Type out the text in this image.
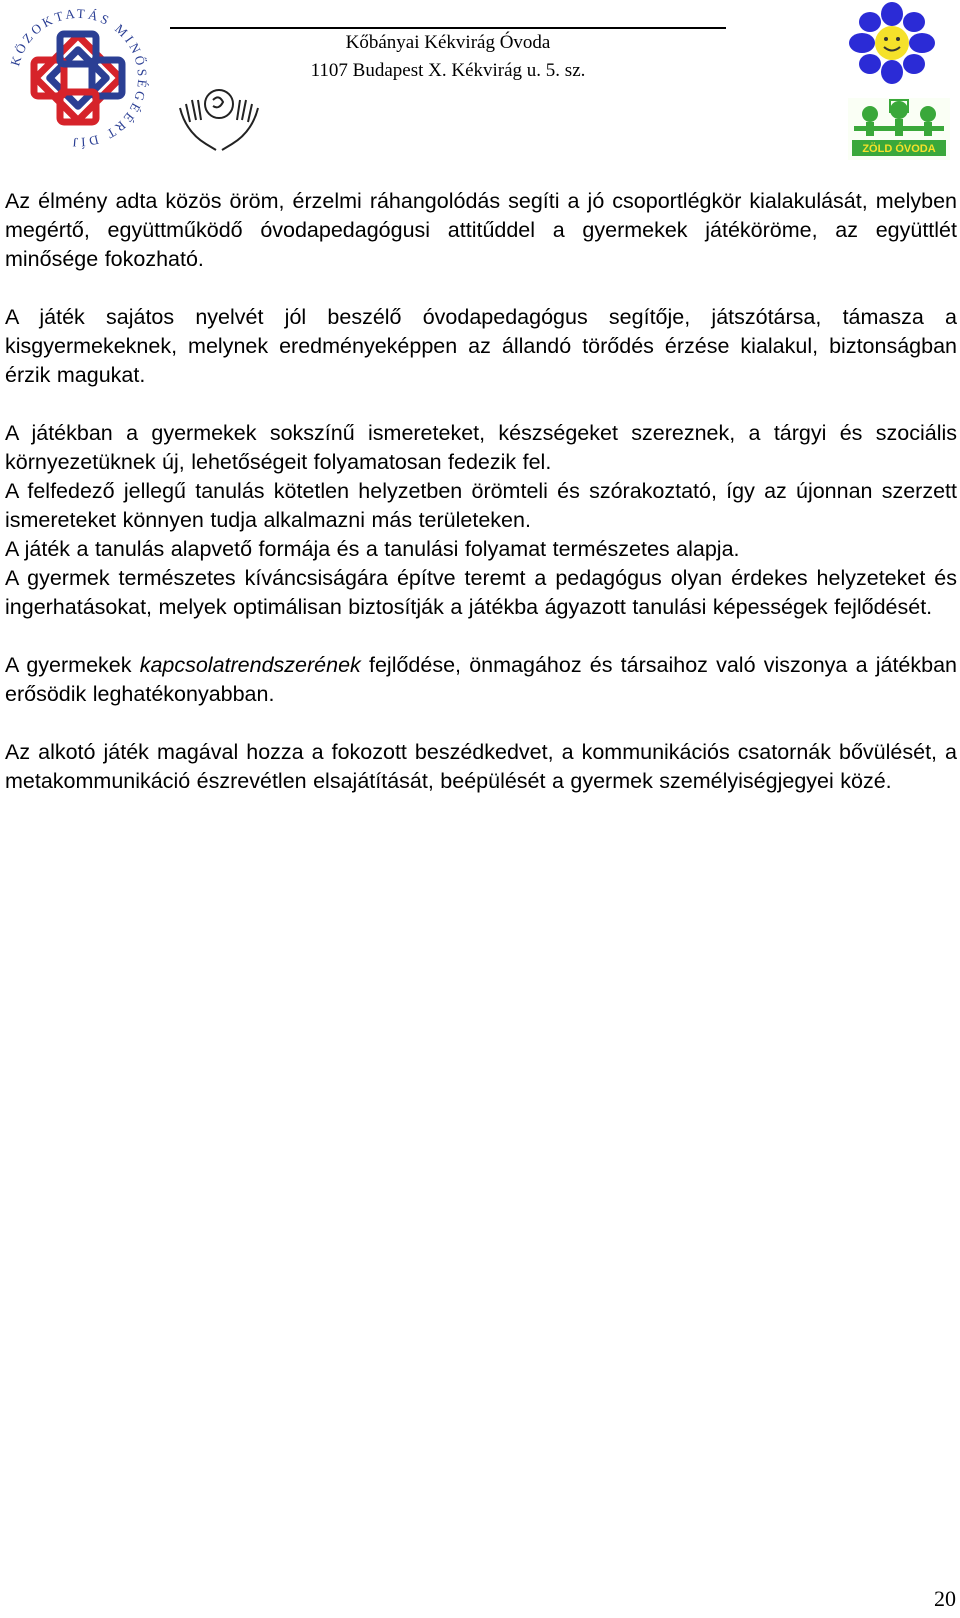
KÖZOKTATÁS MINŐSÉGÉÉRT DÍJ
Kőbányai Kékvirág Óvoda
1107 Budapest X. Kékvirág u. 5. sz.
ZÖLD ÓVODA

Az élmény adta közös öröm, érzelmi ráhangolódás segíti a jó csoportlégkör kialakulását, melyben megértő, együttműködő óvodapedagógusi attitűddel a gyermekek játéköröme, az együttlét minősége fokozható.

A játék sajátos nyelvét jól beszélő óvodapedagógus segítője, játszótársa, támasza a kisgyermekeknek, melynek eredményeképpen az állandó törődés érzése kialakul, biztonságban érzik magukat.

A játékban a gyermekek sokszínű ismereteket, készségeket szereznek, a tárgyi és szociális környezetüknek új, lehetőségeit folyamatosan fedezik fel.

A felfedező jellegű tanulás kötetlen helyzetben örömteli és szórakoztató, így az újonnan szerzett ismereteket könnyen tudja alkalmazni más területeken.

A játék a tanulás alapvető formája és a tanulási folyamat természetes alapja.

A gyermek természetes kíváncsiságára építve teremt a pedagógus olyan érdekes helyzeteket és ingerhatásokat, melyek optimálisan biztosítják a játékba ágyazott tanulási képességek fejlődését.

A gyermekek kapcsolatrendszerének fejlődése, önmagához és társaihoz való viszonya a játékban erősödik leghatékonyabban.

Az alkotó játék magával hozza a fokozott beszédkedvet, a kommunikációs csatornák bővülését, a metakommunikáció észrevétlen elsajátítását, beépülését a gyermek személyiségjegyei közé.

20
